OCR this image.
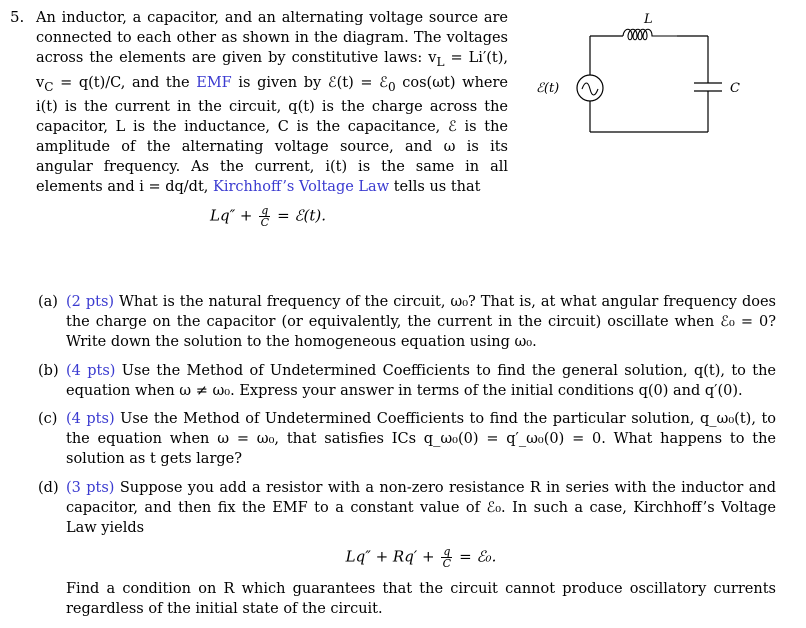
5. An inductor, a capacitor, and an alternating voltage source are connected to each other as shown in the diagram. The voltages across the elements are given by constitutive laws: $v_L = Li'(t)$, $v_C = q(t)/C$, and the EMF is given by ℰ(t) = ℰ$_0$ cos(ωt) where i(t) is the current in the circuit, q(t) is the charge across the capacitor, L is the inductance, C is the capacitance, ℰ is the amplitude of the alternating voltage source, and ω is its angular frequency. As the current, i(t) is the same in all elements and i = dq/dt, Kirchhoff’s Voltage Law tells us that
$Lq'' + \frac{q}{C}$ = ℰ(t).
L
C
ℰ(t)
(a) (2 pts) What is the natural frequency of the circuit, ω₀? That is, at what angular frequency does the charge on the capacitor (or equivalently, the current in the circuit) oscillate when ℰ₀ = 0? Write down the solution to the homogeneous equation using ω₀.
(b) (4 pts) Use the Method of Undetermined Coefficients to find the general solution, q(t), to the equation when ω ≠ ω₀. Express your answer in terms of the initial conditions q(0) and q′(0).
(c) (4 pts) Use the Method of Undetermined Coefficients to find the particular solution, q_ω₀(t), to the equation when ω = ω₀, that satisfies ICs q_ω₀(0) = q′_ω₀(0) = 0. What happens to the solution as t gets large?
(d) (3 pts) Suppose you add a resistor with a non-zero resistance R in series with the inductor and capacitor, and then fix the EMF to a constant value of ℰ₀. In such a case, Kirchhoff’s Voltage Law yields
$Lq'' + Rq' + \frac{q}{C}$ = ℰ₀.
Find a condition on R which guarantees that the circuit cannot produce oscillatory currents regardless of the initial state of the circuit.
